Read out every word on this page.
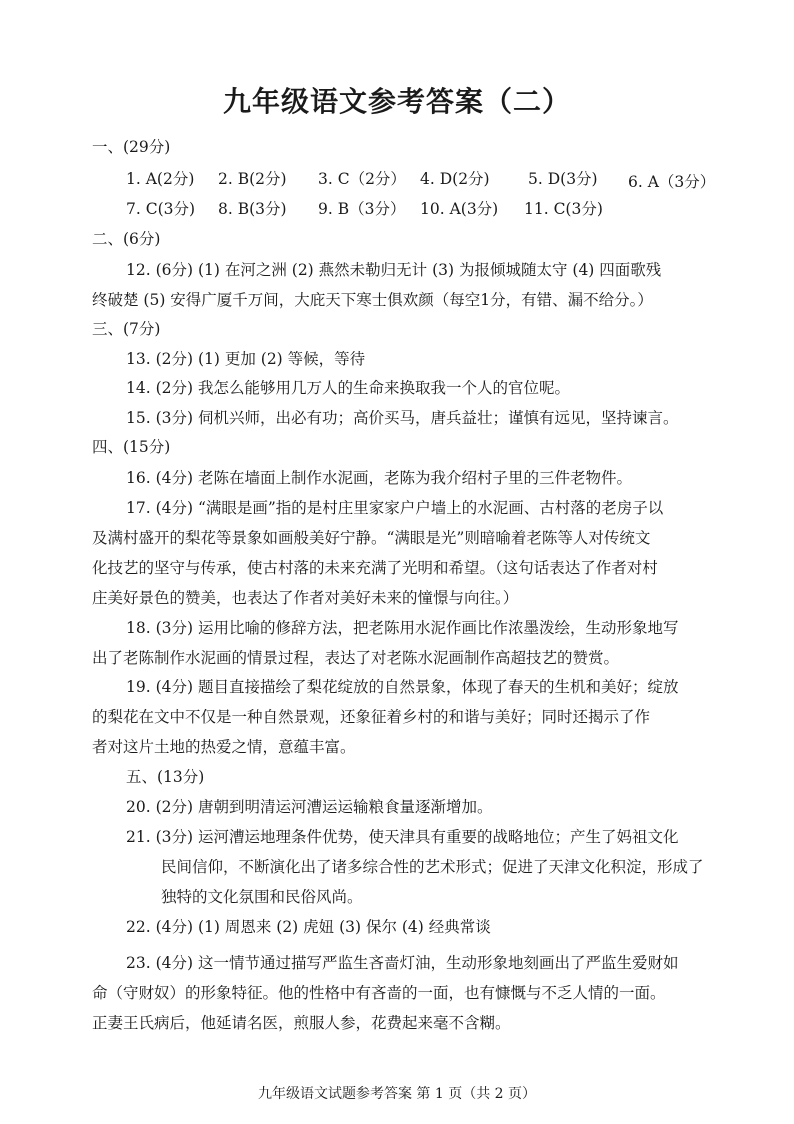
九年级语文参考答案（二）
一、(29分)
1. A(2分) 2. B(2分) 3. C（2分） 4. D(2分) 5. D(3分) 6. A（3分）
7. C(3分) 8. B(3分) 9. B（3分） 10. A(3分) 11. C(3分)
二、(6分)
12. (6分) (1) 在河之洲 (2) 燕然未勒归无计 (3) 为报倾城随太守 (4) 四面歌残
终破楚 (5) 安得广厦千万间，大庇天下寒士俱欢颜（每空1分，有错、漏不给分。）
三、(7分)
13. (2分) (1) 更加 (2) 等候，等待
14. (2分) 我怎么能够用几万人的生命来换取我一个人的官位呢。
15. (3分) 伺机兴师，出必有功；高价买马，唐兵益壮；谨慎有远见，坚持谏言。
四、(15分)
16. (4分) 老陈在墙面上制作水泥画，老陈为我介绍村子里的三件老物件。
17. (4分) “满眼是画”指的是村庄里家家户户墙上的水泥画、古村落的老房子以
及满村盛开的梨花等景象如画般美好宁静。“满眼是光”则暗喻着老陈等人对传统文
化技艺的坚守与传承，使古村落的未来充满了光明和希望。（这句话表达了作者对村
庄美好景色的赞美，也表达了作者对美好未来的憧憬与向往。）
18. (3分) 运用比喻的修辞方法，把老陈用水泥作画比作浓墨泼绘，生动形象地写
出了老陈制作水泥画的情景过程，表达了对老陈水泥画制作高超技艺的赞赏。
19. (4分) 题目直接描绘了梨花绽放的自然景象，体现了春天的生机和美好；绽放
的梨花在文中不仅是一种自然景观，还象征着乡村的和谐与美好；同时还揭示了作
者对这片土地的热爱之情，意蕴丰富。
五、(13分)
20. (2分) 唐朝到明清运河漕运运输粮食量逐渐增加。
21. (3分) 运河漕运地理条件优势，使天津具有重要的战略地位；产生了妈祖文化
民间信仰，不断演化出了诸多综合性的艺术形式；促进了天津文化积淀，形成了
独特的文化氛围和民俗风尚。
22. (4分) (1) 周恩来 (2) 虎妞 (3) 保尔 (4) 经典常谈
23. (4分) 这一情节通过描写严监生吝啬灯油，生动形象地刻画出了严监生爱财如
命（守财奴）的形象特征。他的性格中有吝啬的一面，也有慷慨与不乏人情的一面。
正妻王氏病后，他延请名医，煎服人参，花费起来毫不含糊。
九年级语文试题参考答案 第 1 页（共 2 页）
